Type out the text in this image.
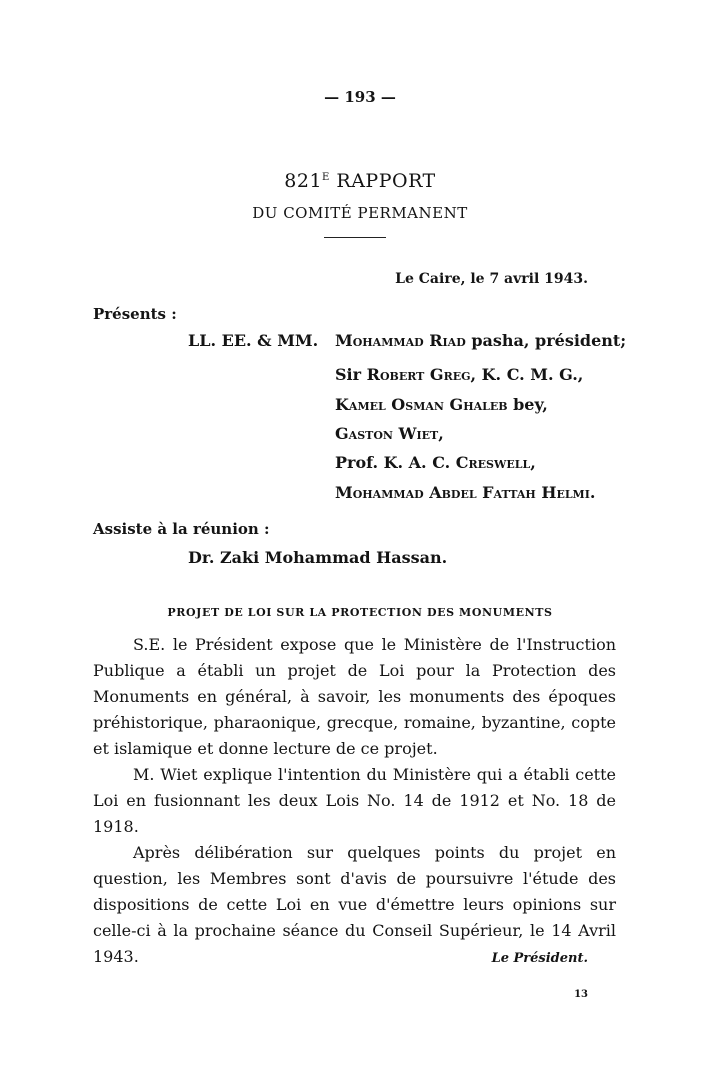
— 193 —
$821^E$ RAPPORT
DU COMITÉ PERMANENT
Le Caire, le 7 avril 1943.
Présents :
LL. EE. & MM. Mohammad Riad pasha, président;
Sir Robert Greg, K. C. M. G.,
Kamel Osman Ghaleb bey,
Gaston Wiet,
Prof. K. A. C. Creswell,
Mohammad Abdel Fattah Helmi.
Assiste à la réunion :
Dr. Zaki Mohammad Hassan.
PROJET DE LOI SUR LA PROTECTION DES MONUMENTS

S.E. le Président expose que le Ministère de l'Instruction Publique a établi un projet de Loi pour la Protection des Monuments en général, à savoir, les monuments des époques préhistorique, pharaonique, grecque, romaine, byzantine, copte et islamique et donne lecture de ce projet.

M. Wiet explique l'intention du Ministère qui a établi cette Loi en fusionnant les deux Lois No. 14 de 1912 et No. 18 de 1918.

Après délibération sur quelques points du projet en question, les Membres sont d'avis de poursuivre l'étude des dispositions de cette Loi en vue d'émettre leurs opinions sur celle-ci à la prochaine séance du Conseil Supérieur, le 14 Avril 1943.	Le Président.
13
